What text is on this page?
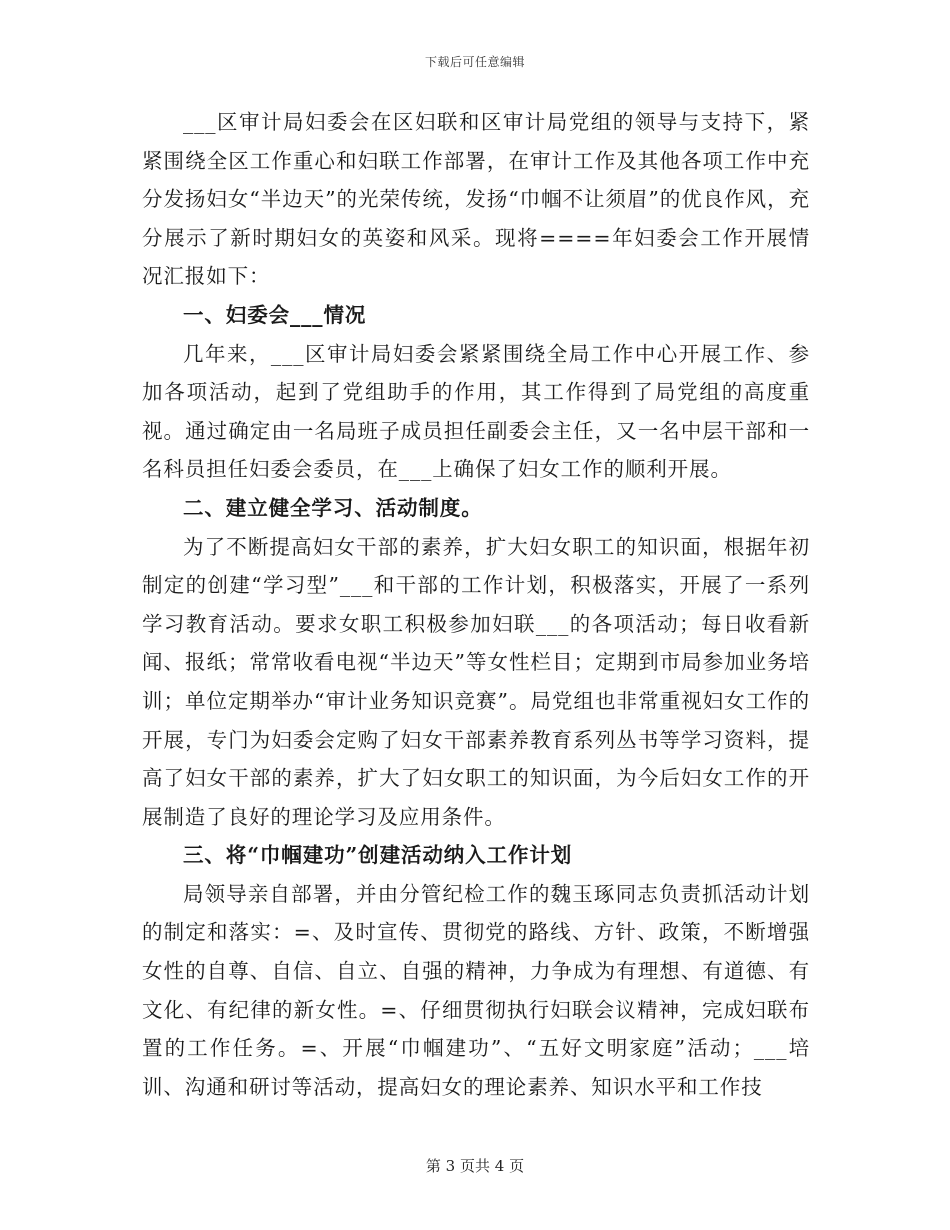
下载后可任意编辑

___区审计局妇委会在区妇联和区审计局党组的领导与支持下，紧紧围绕全区工作重心和妇联工作部署，在审计工作及其他各项工作中充分发扬妇女“半边天”的光荣传统，发扬“巾帼不让须眉”的优良作风，充分展示了新时期妇女的英姿和风采。现将====年妇委会工作开展情况汇报如下：

一、妇委会___情况

几年来，___区审计局妇委会紧紧围绕全局工作中心开展工作、参加各项活动，起到了党组助手的作用，其工作得到了局党组的高度重视。通过确定由一名局班子成员担任副委会主任，又一名中层干部和一名科员担任妇委会委员，在___上确保了妇女工作的顺利开展。

二、建立健全学习、活动制度。

为了不断提高妇女干部的素养，扩大妇女职工的知识面，根据年初制定的创建“学习型”___和干部的工作计划，积极落实，开展了一系列学习教育活动。要求女职工积极参加妇联___的各项活动；每日收看新闻、报纸；常常收看电视“半边天”等女性栏目；定期到市局参加业务培训；单位定期举办“审计业务知识竞赛”。局党组也非常重视妇女工作的开展，专门为妇委会定购了妇女干部素养教育系列丛书等学习资料，提高了妇女干部的素养，扩大了妇女职工的知识面，为今后妇女工作的开展制造了良好的理论学习及应用条件。

三、将“巾帼建功”创建活动纳入工作计划

局领导亲自部署，并由分管纪检工作的魏玉琢同志负责抓活动计划的制定和落实：=、及时宣传、贯彻党的路线、方针、政策，不断增强女性的自尊、自信、自立、自强的精神，力争成为有理想、有道德、有文化、有纪律的新女性。=、仔细贯彻执行妇联会议精神，完成妇联布置的工作任务。=、开展“巾帼建功”、“五好文明家庭”活动；___培训、沟通和研讨等活动，提高妇女的理论素养、知识水平和工作技

第 3 页共 4 页
